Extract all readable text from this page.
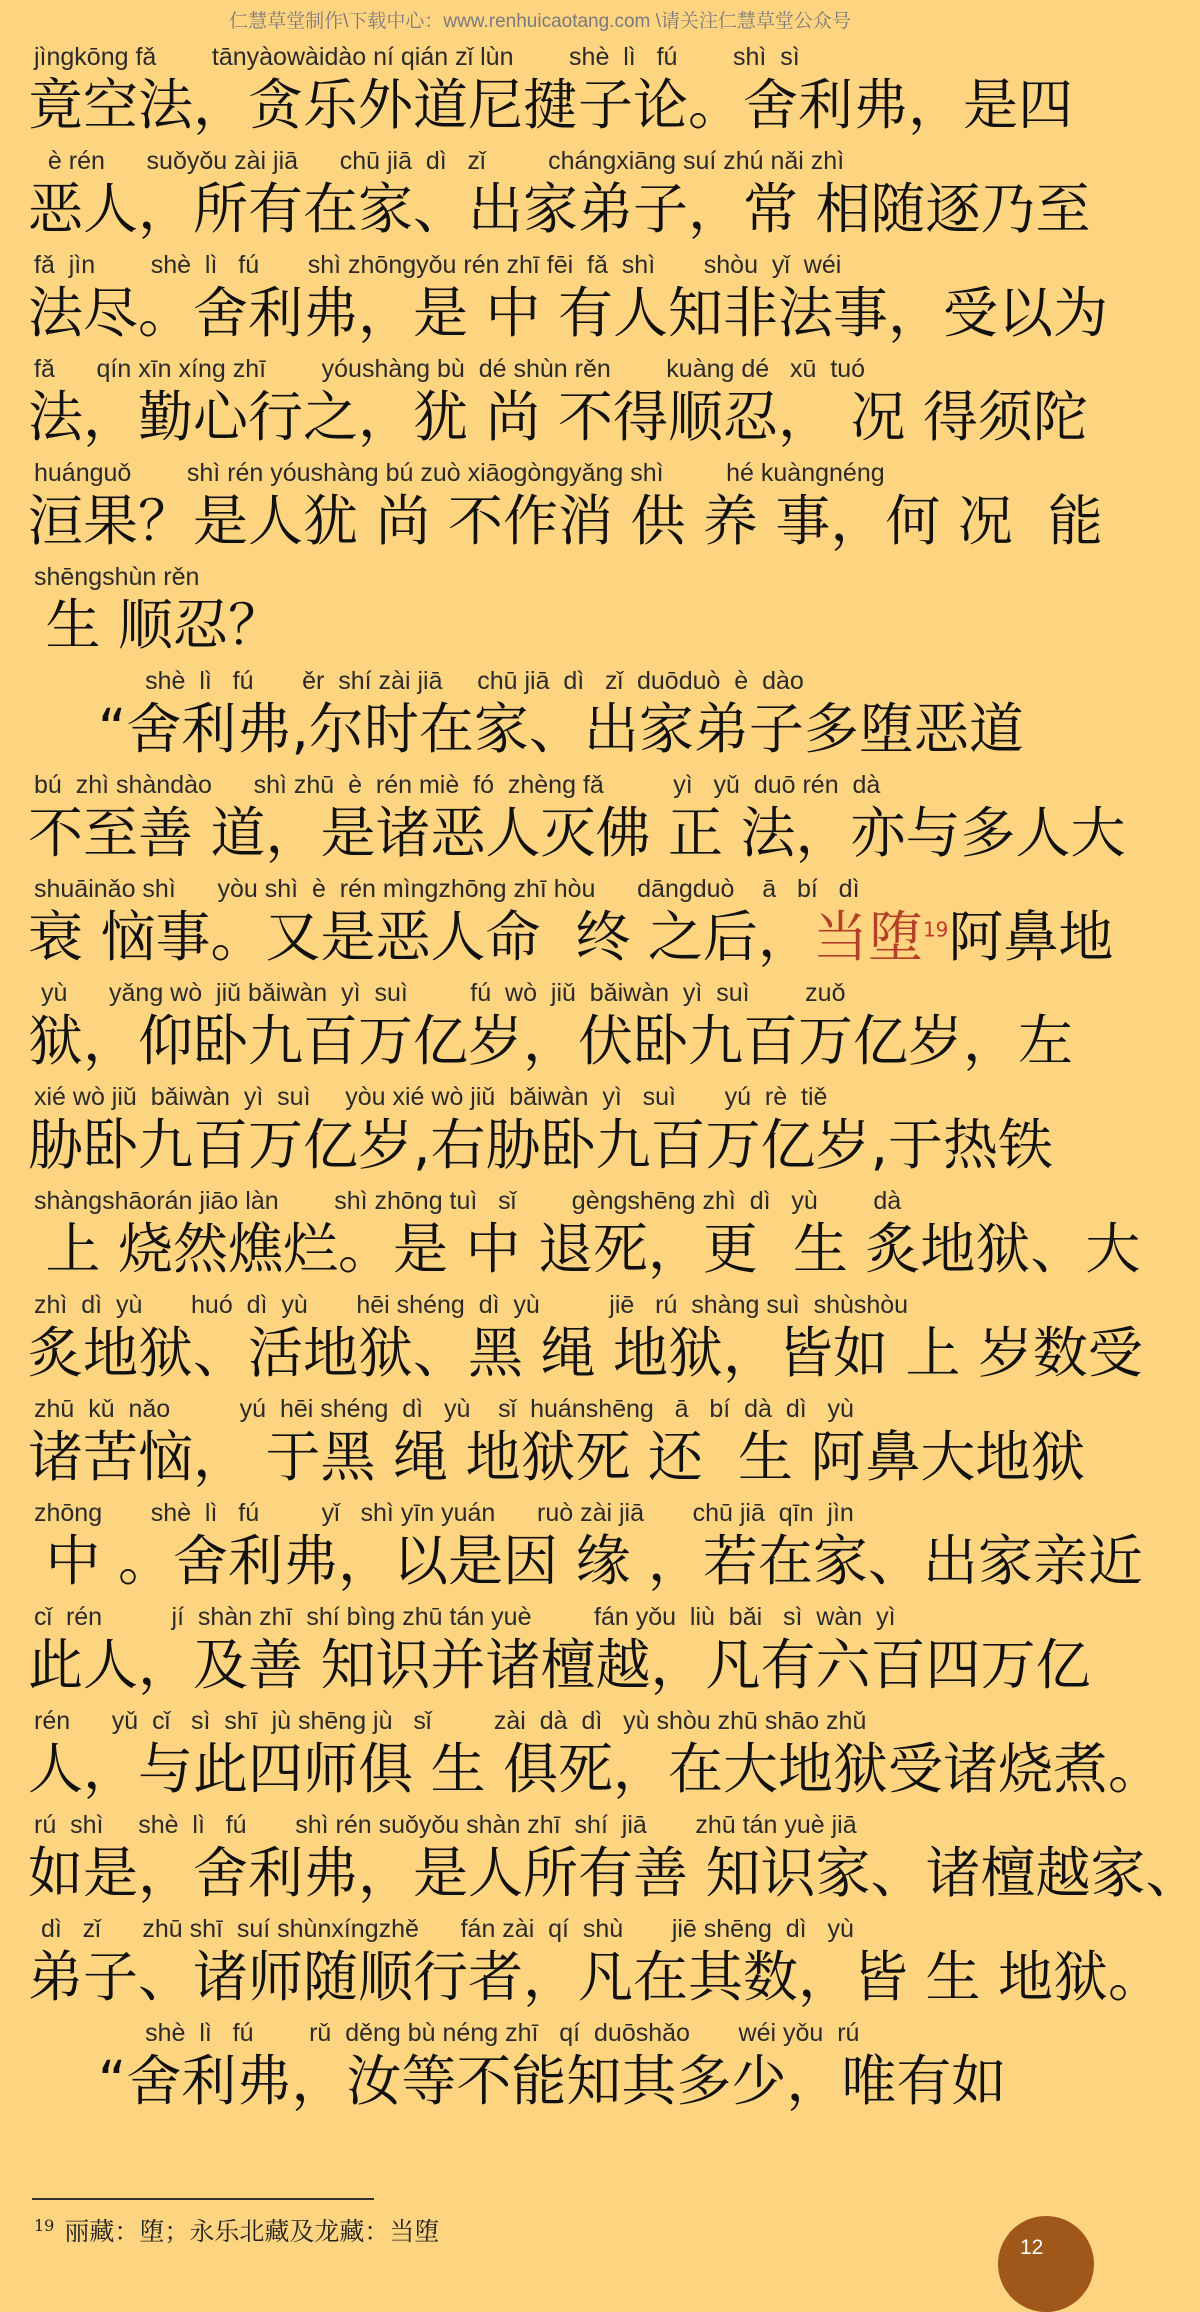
仁慧草堂制作\下载中心：www.renhuicaotang.com \请关注仁慧草堂公众号
jìngkōng fǎ        tānyàowàidào ní qián zǐ lùn        shè  lì   fú        shì  sì
竟空法，贪乐外道尼揵子论。舍利弗，是四
è rén      suǒyǒu zài jiā      chū jiā  dì   zǐ         chángxiāng suí zhú nǎi zhì
恶人，所有在家、出家弟子，常 相随逐乃至
fǎ  jìn        shè  lì   fú       shì zhōngyǒu rén zhī fēi  fǎ  shì       shòu  yǐ  wéi
法尽。舍利弗，是 中 有人知非法事，受以为
fǎ      qín xīn xíng zhī        yóushàng bù  dé shùn rěn        kuàng dé   xū  tuó
法，勤心行之，犹 尚 不得顺忍， 况 得须陀
huánguǒ        shì rén yóushàng bú zuò xiāogòngyǎng shì         hé kuàngnéng
洹果？是人犹 尚 不作消 供 养 事，何 况  能
shēngshùn rěn
生 顺忍？
shè  lì   fú       ěr  shí zài jiā     chū jiā  dì   zǐ  duōduò  è  dào
“舍利弗,尔时在家、出家弟子多堕恶道
bú  zhì shàndào      shì zhū  è  rén miè  fó  zhèng fǎ          yì   yǔ  duō rén  dà
不至善 道，是诸恶人灭佛 正 法，亦与多人大
shuāinǎo shì      yòu shì  è  rén mìngzhōng zhī hòu      dāngduò    ā   bí   dì
衰 恼事。又是恶人命  终 之后，当堕$^{19}$阿鼻地
yù      yǎng wò  jiǔ bǎiwàn  yì  suì         fú  wò  jiǔ  bǎiwàn  yì  suì        zuǒ
狱，仰卧九百万亿岁，伏卧九百万亿岁，左
xié wò jiǔ  bǎiwàn  yì  suì     yòu xié wò jiǔ  bǎiwàn  yì   suì       yú  rè  tiě
胁卧九百万亿岁,右胁卧九百万亿岁,于热铁
shàngshāorán jiāo làn        shì zhōng tuì   sǐ        gèngshēng zhì  dì   yù        dà
上 烧然燋烂。是 中 退死，更  生 炙地狱、大
zhì  dì  yù       huó  dì  yù       hēi shéng  dì  yù          jiē   rú  shàng suì  shùshòu
炙地狱、活地狱、黑 绳 地狱，皆如 上 岁数受
zhū  kǔ  nǎo          yú  hēi shéng  dì   yù    sǐ  huánshēng   ā   bí  dà  dì   yù
诸苦恼， 于黑 绳 地狱死 还  生 阿鼻大地狱
zhōng       shè  lì   fú         yǐ   shì yīn yuán      ruò zài jiā       chū jiā  qīn  jìn
中 。舍利弗，以是因 缘 ，若在家、出家亲近
cǐ  rén          jí  shàn zhī  shí bìng zhū tán yuè         fán yǒu  liù  bǎi   sì  wàn  yì
此人，及善 知识并诸檀越，凡有六百四万亿
rén      yǔ  cǐ   sì  shī  jù shēng jù   sǐ         zài  dà  dì   yù shòu zhū shāo zhǔ
人，与此四师俱 生 俱死，在大地狱受诸烧煮。
rú  shì     shè  lì   fú       shì rén suǒyǒu shàn zhī  shí  jiā       zhū tán yuè jiā
如是，舍利弗，是人所有善 知识家、诸檀越家、
dì   zǐ      zhū shī  suí shùnxíngzhě      fán zài  qí  shù       jiē shēng  dì   yù
弟子、诸师随顺行者，凡在其数，皆 生 地狱。
shè  lì   fú        rǔ  děng bù néng zhī   qí  duōshǎo       wéi yǒu  rú
“舍利弗，汝等不能知其多少，唯有如
$^{19}$ 丽藏：堕；永乐北藏及龙藏：当堕
12
